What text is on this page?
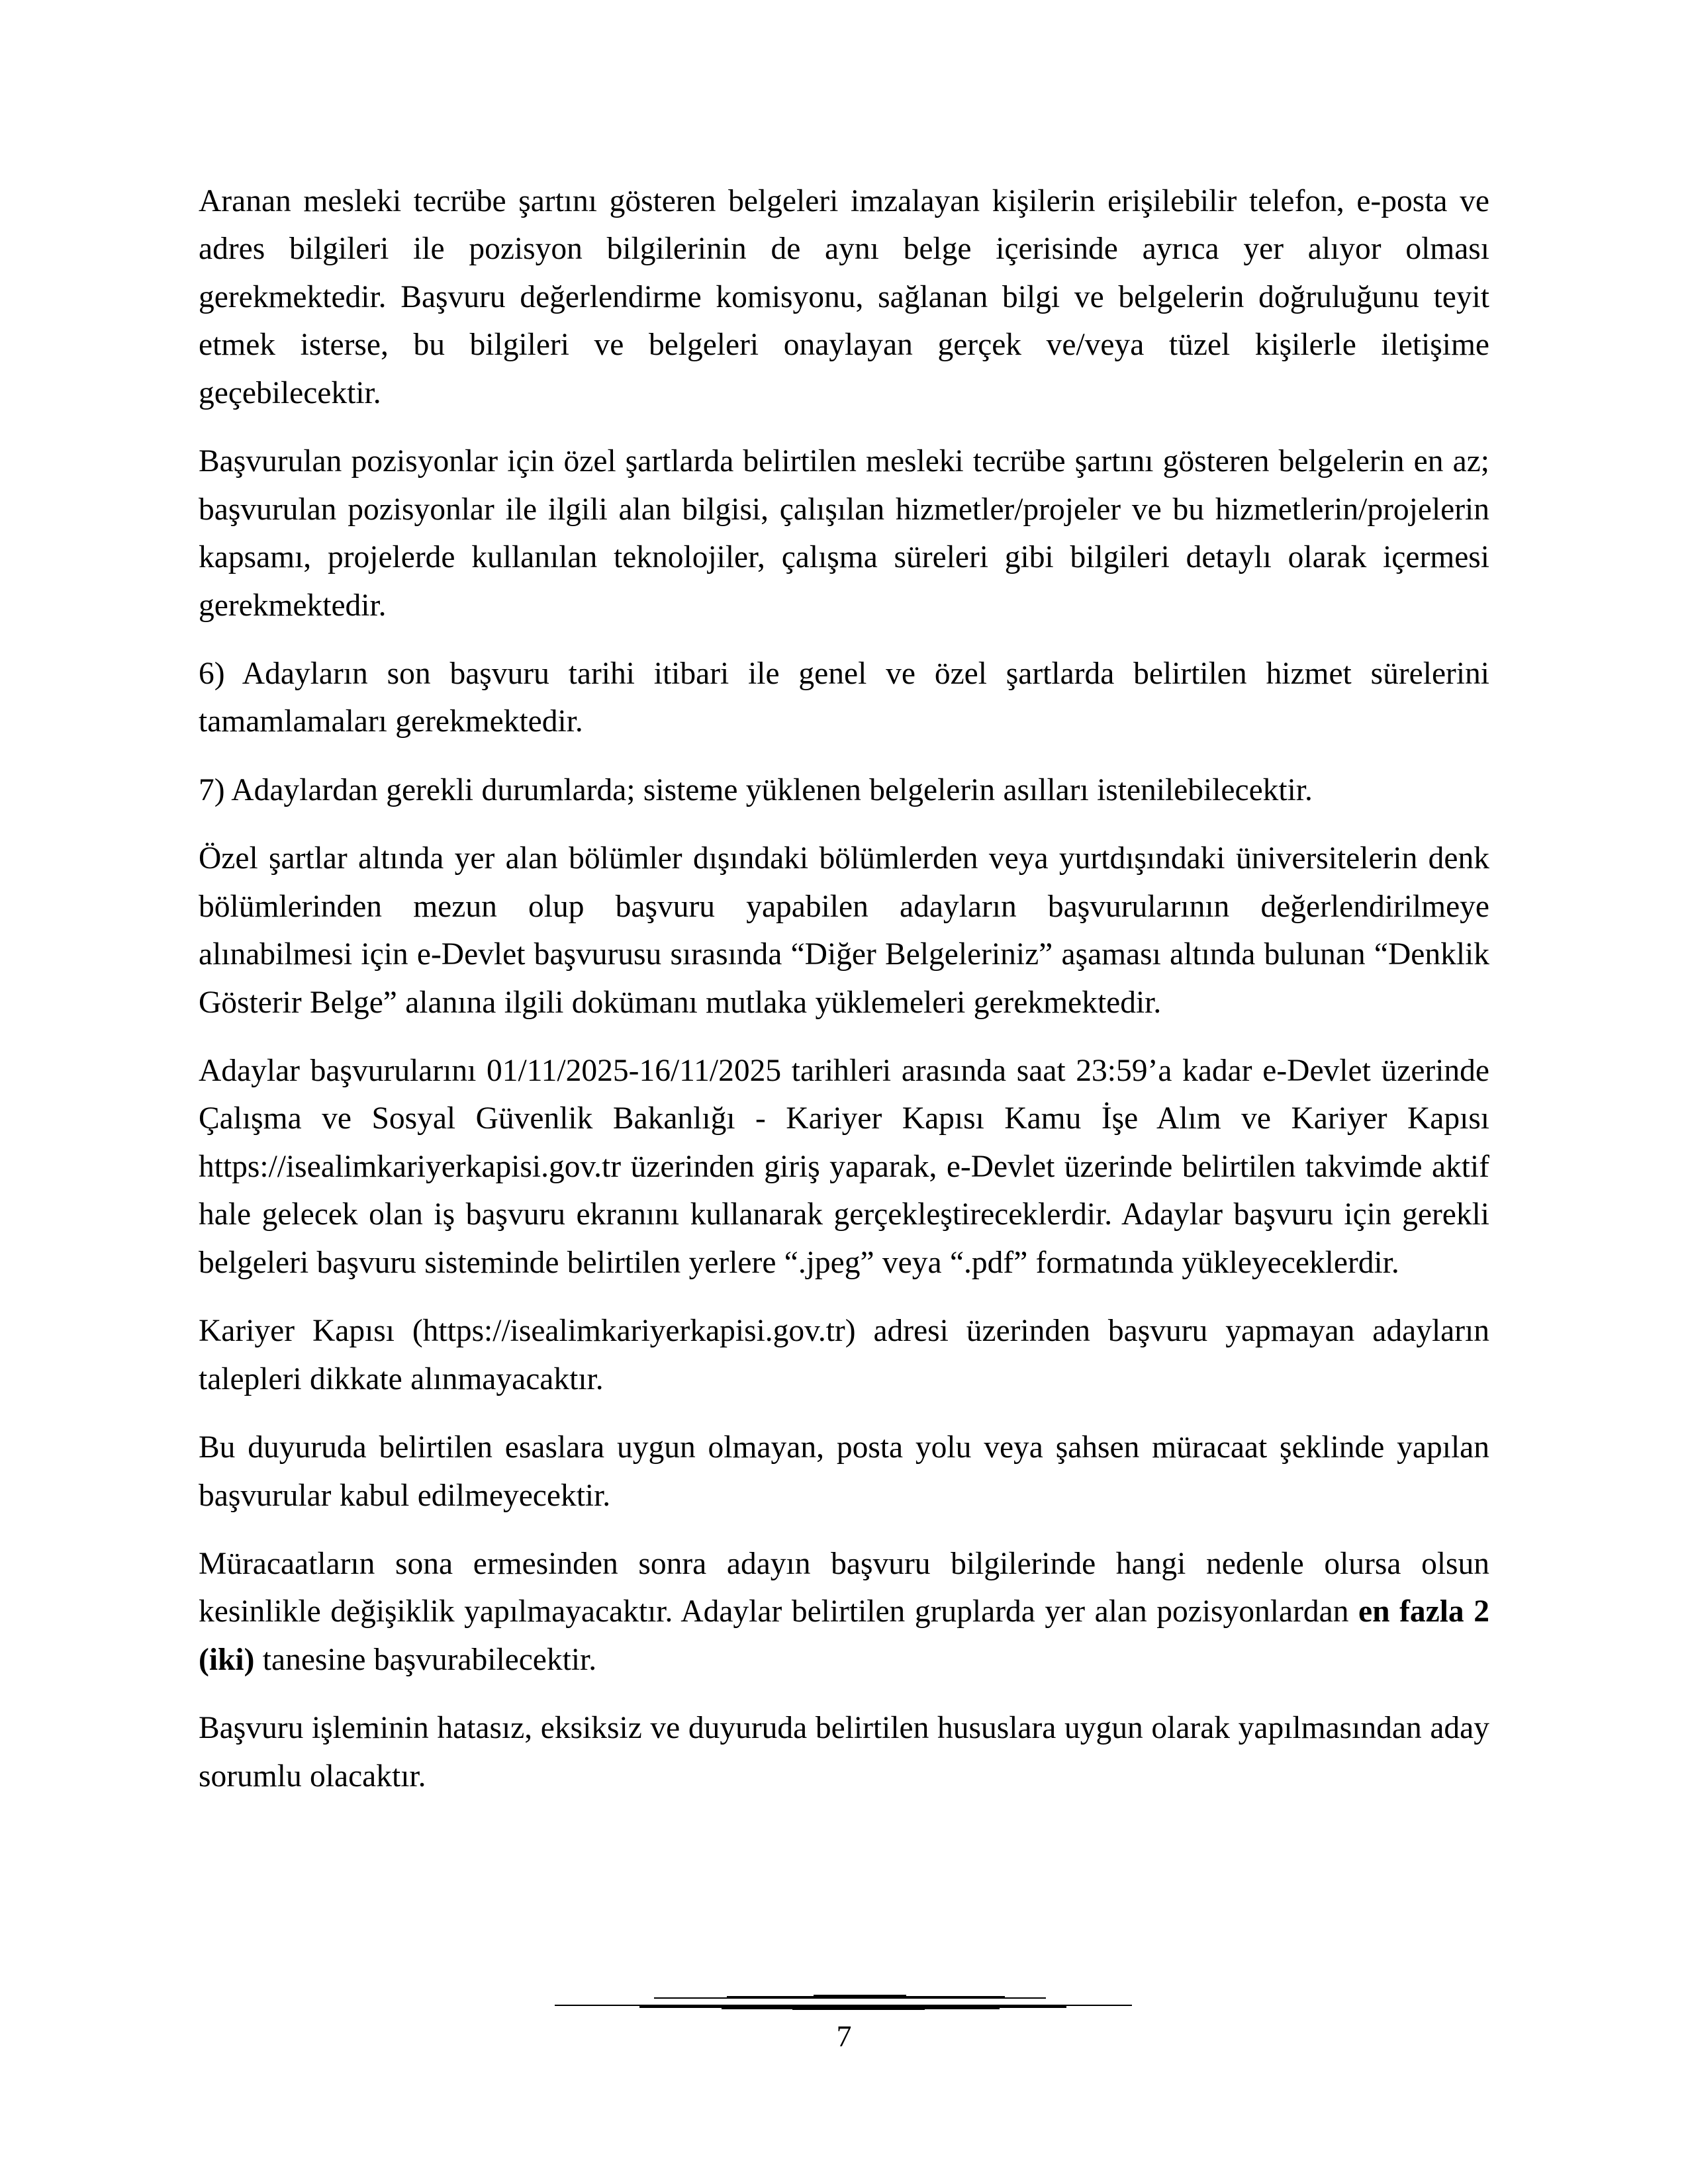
Aranan mesleki tecrübe şartını gösteren belgeleri imzalayan kişilerin erişilebilir telefon, e-posta ve adres bilgileri ile pozisyon bilgilerinin de aynı belge içerisinde ayrıca yer alıyor olması gerekmektedir. Başvuru değerlendirme komisyonu, sağlanan bilgi ve belgelerin doğruluğunu teyit etmek isterse, bu bilgileri ve belgeleri onaylayan gerçek ve/veya tüzel kişilerle iletişime geçebilecektir.

Başvurulan pozisyonlar için özel şartlarda belirtilen mesleki tecrübe şartını gösteren belgelerin en az; başvurulan pozisyonlar ile ilgili alan bilgisi, çalışılan hizmetler/projeler ve bu hizmetlerin/projelerin kapsamı, projelerde kullanılan teknolojiler, çalışma süreleri gibi bilgileri detaylı olarak içermesi gerekmektedir.

6) Adayların son başvuru tarihi itibari ile genel ve özel şartlarda belirtilen hizmet sürelerini tamamlamaları gerekmektedir.

7) Adaylardan gerekli durumlarda; sisteme yüklenen belgelerin asılları istenilebilecektir.

Özel şartlar altında yer alan bölümler dışındaki bölümlerden veya yurtdışındaki üniversitelerin denk bölümlerinden mezun olup başvuru yapabilen adayların başvurularının değerlendirilmeye alınabilmesi için e-Devlet başvurusu sırasında “Diğer Belgeleriniz” aşaması altında bulunan “Denklik Gösterir Belge” alanına ilgili dokümanı mutlaka yüklemeleri gerekmektedir.

Adaylar başvurularını 01/11/2025-16/11/2025 tarihleri arasında saat 23:59’a kadar e-Devlet üzerinde Çalışma ve Sosyal Güvenlik Bakanlığı - Kariyer Kapısı Kamu İşe Alım ve Kariyer Kapısı https://isealimkariyerkapisi.gov.tr üzerinden giriş yaparak, e-Devlet üzerinde belirtilen takvimde aktif hale gelecek olan iş başvuru ekranını kullanarak gerçekleştireceklerdir. Adaylar başvuru için gerekli belgeleri başvuru sisteminde belirtilen yerlere “.jpeg” veya “.pdf” formatında yükleyeceklerdir.

Kariyer Kapısı (https://isealimkariyerkapisi.gov.tr) adresi üzerinden başvuru yapmayan adayların talepleri dikkate alınmayacaktır.

Bu duyuruda belirtilen esaslara uygun olmayan, posta yolu veya şahsen müracaat şeklinde yapılan başvurular kabul edilmeyecektir.

Müracaatların sona ermesinden sonra adayın başvuru bilgilerinde hangi nedenle olursa olsun kesinlikle değişiklik yapılmayacaktır. Adaylar belirtilen gruplarda yer alan pozisyonlardan en fazla 2 (iki) tanesine başvurabilecektir.

Başvuru işleminin hatasız, eksiksiz ve duyuruda belirtilen hususlara uygun olarak yapılmasından aday sorumlu olacaktır.

7
